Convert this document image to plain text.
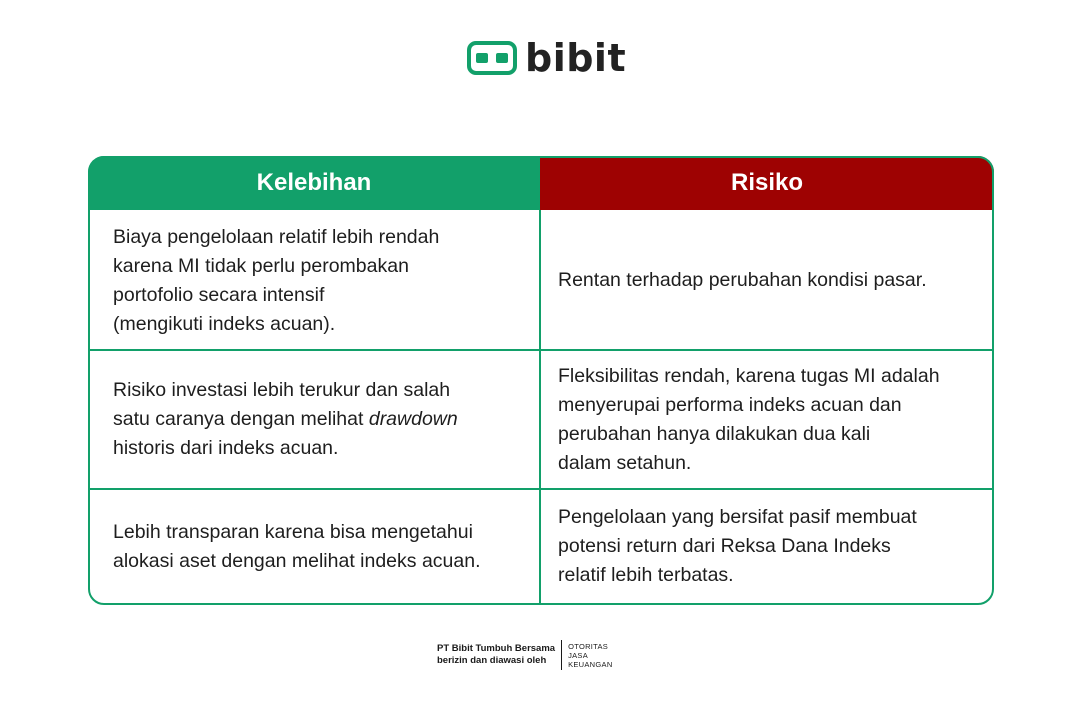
bibit
Kelebihan	Risiko

Biaya pengelolaan relatif lebih rendah
karena MI tidak perlu perombakan
portofolio secara intensif
(mengikuti indeks acuan).

Rentan terhadap perubahan kondisi pasar.

Risiko investasi lebih terukur dan salah
satu caranya dengan melihat drawdown
historis dari indeks acuan.

Fleksibilitas rendah, karena tugas MI adalah
menyerupai performa indeks acuan dan
perubahan hanya dilakukan dua kali
dalam setahun.

Lebih transparan karena bisa mengetahui
alokasi aset dengan melihat indeks acuan.

Pengelolaan yang bersifat pasif membuat
potensi return dari Reksa Dana Indeks
relatif lebih terbatas.

PT Bibit Tumbuh Bersama
berizin dan diawasi oleh
OTORITAS
JASA
KEUANGAN
